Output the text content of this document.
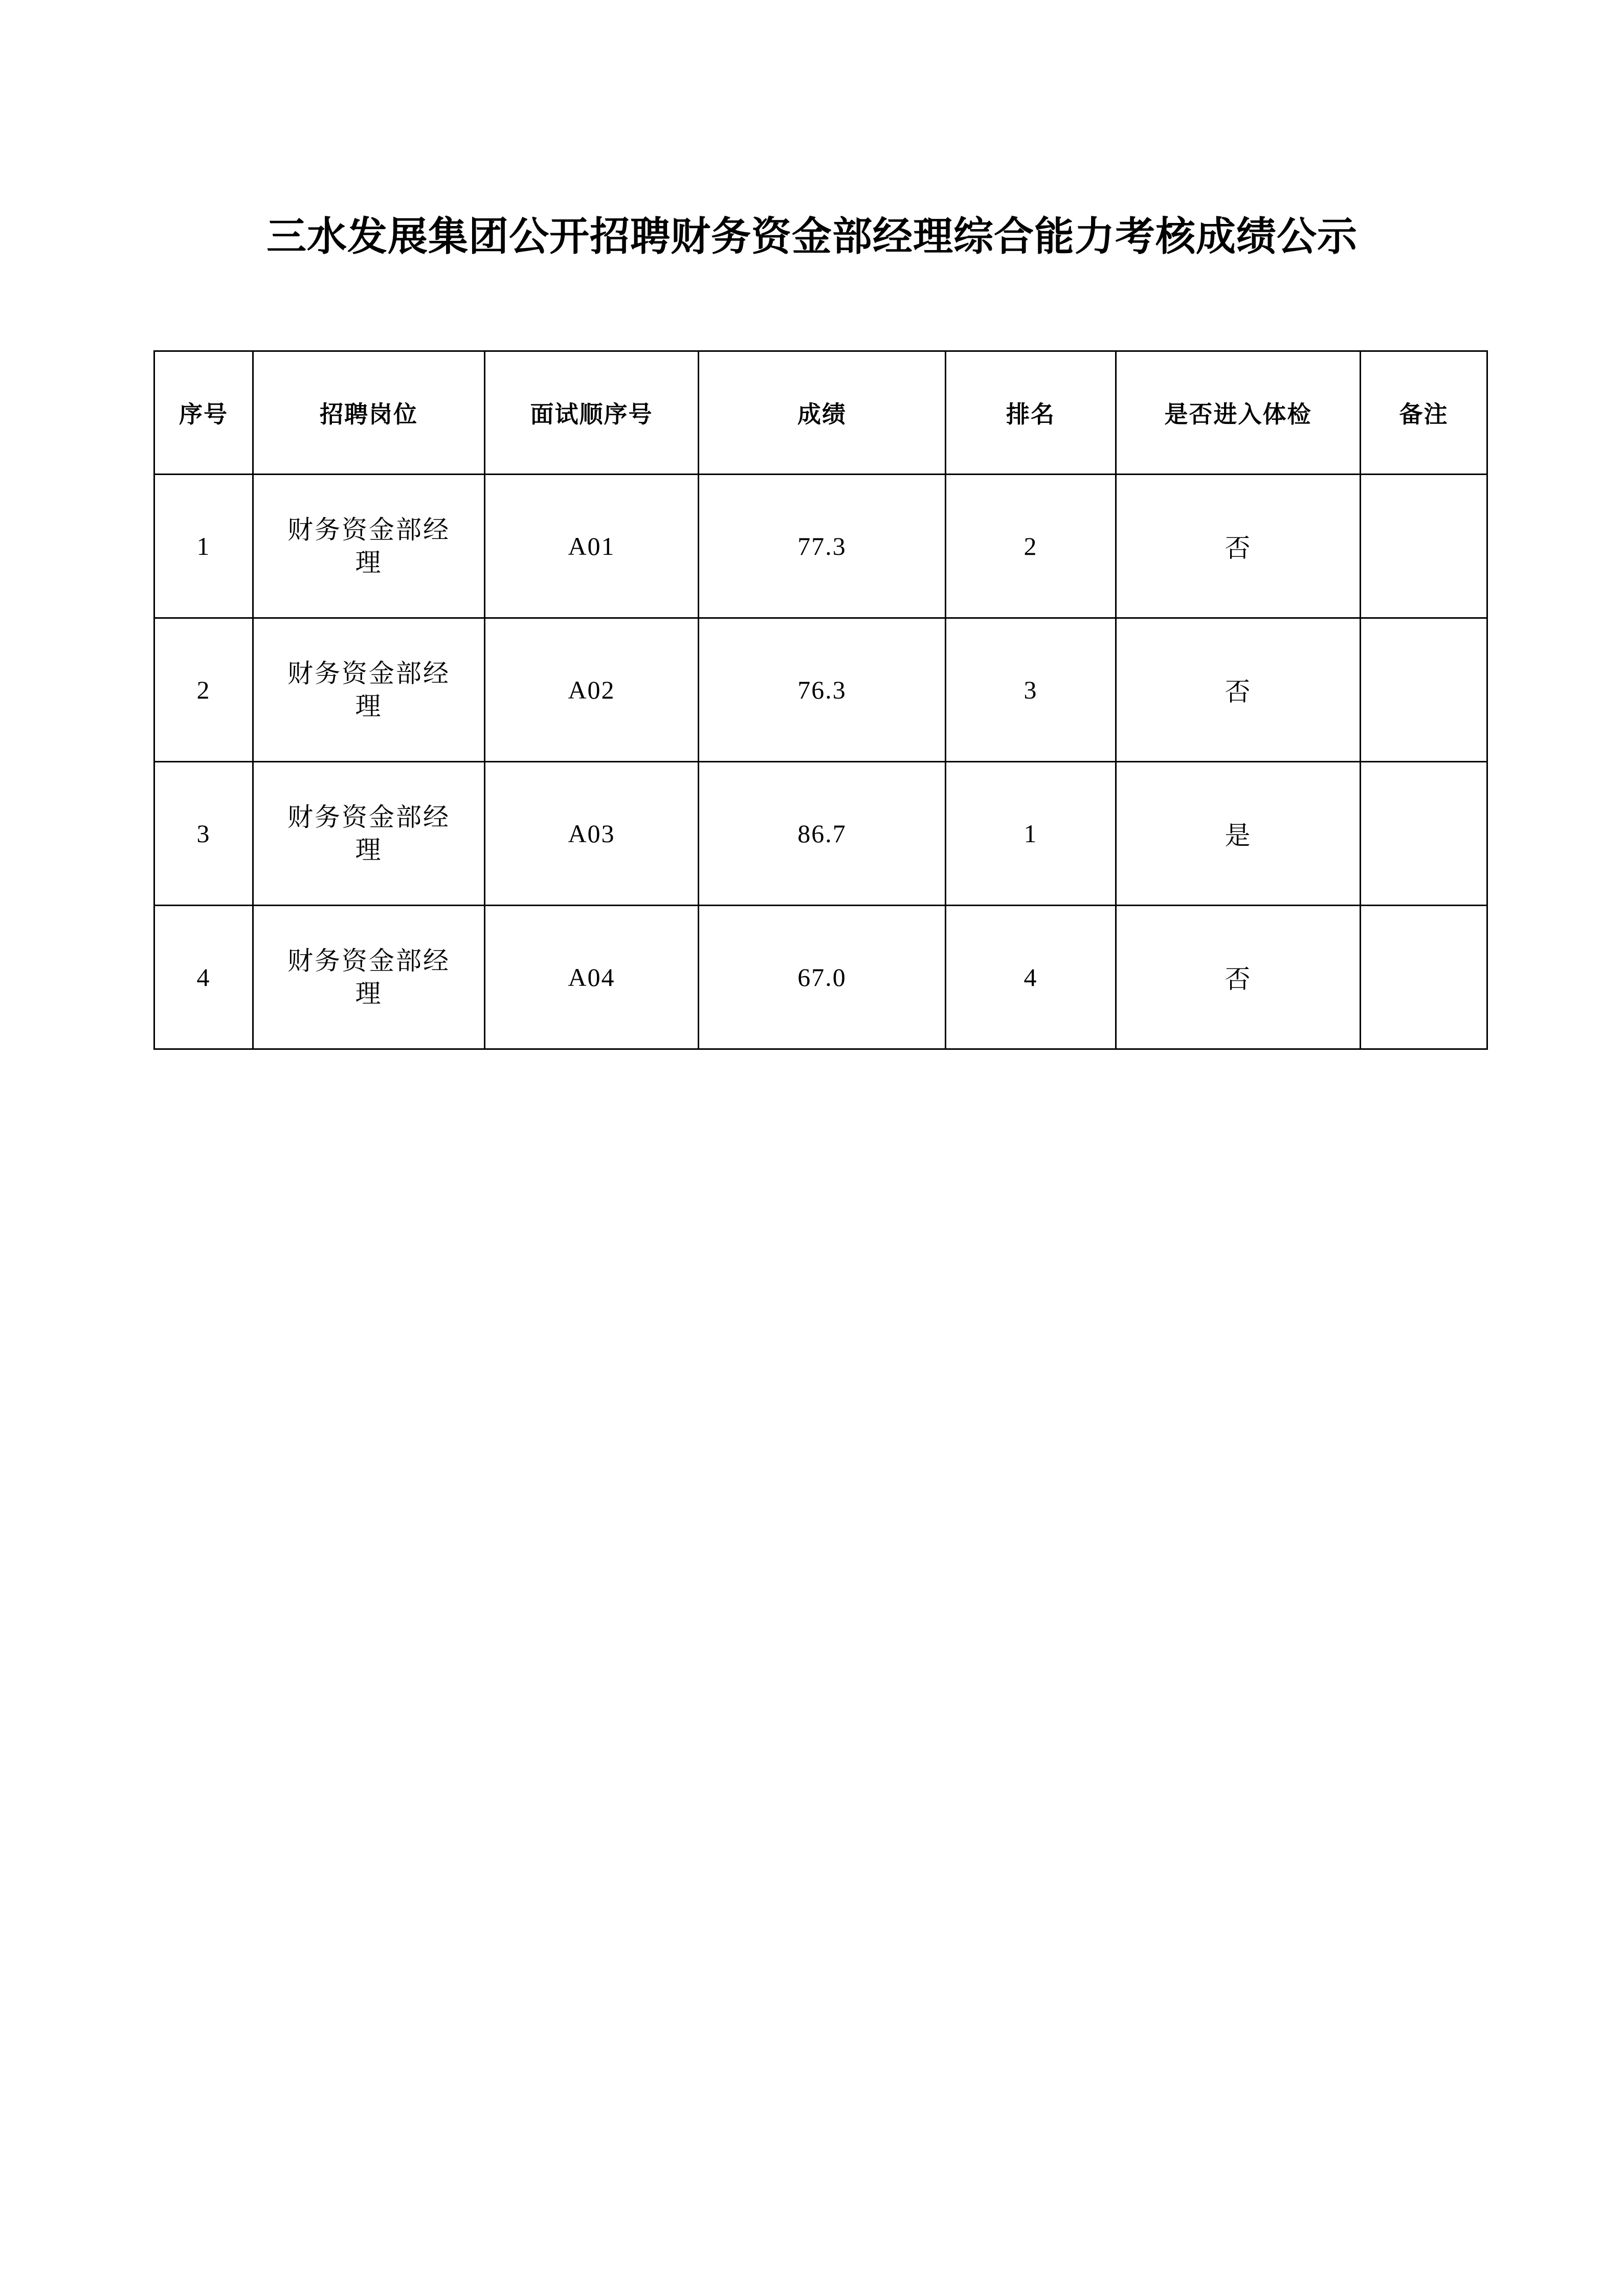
三水发展集团公开招聘财务资金部经理综合能力考核成绩公示
序号	招聘岗位	面试顺序号	成绩	排名	是否进入体检	备注
1	财务资金部经理	A01	77.3	2	否	
2	财务资金部经理	A02	76.3	3	否	
3	财务资金部经理	A03	86.7	1	是	
4	财务资金部经理	A04	67.0	4	否	
